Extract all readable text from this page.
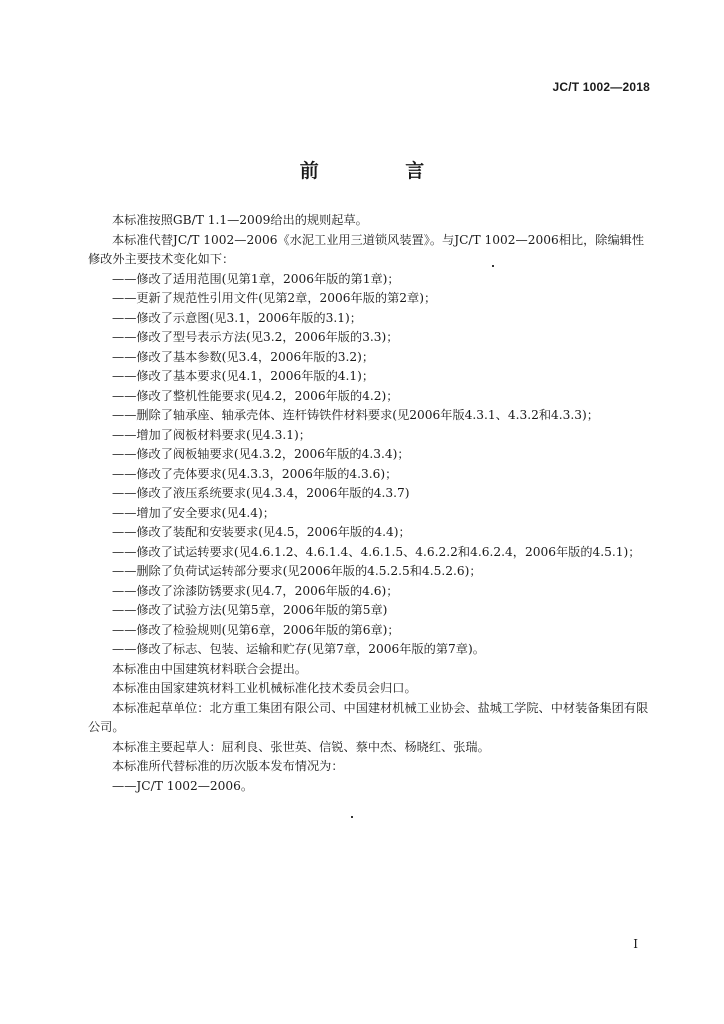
JC/T 1002—2018
前 言
本标准按照GB/T 1.1—2009给出的规则起草。
本标准代替JC/T 1002—2006《水泥工业用三道锁风装置》。与JC/T 1002—2006相比，除编辑性修改外主要技术变化如下：
——修改了适用范围(见第1章，2006年版的第1章)；
——更新了规范性引用文件(见第2章，2006年版的第2章)；
——修改了示意图(见3.1，2006年版的3.1)；
——修改了型号表示方法(见3.2，2006年版的3.3)；
——修改了基本参数(见3.4，2006年版的3.2)；
——修改了基本要求(见4.1，2006年版的4.1)；
——修改了整机性能要求(见4.2，2006年版的4.2)；
——删除了轴承座、轴承壳体、连杆铸铁件材料要求(见2006年版4.3.1、4.3.2和4.3.3)；
——增加了阀板材料要求(见4.3.1)；
——修改了阀板轴要求(见4.3.2，2006年版的4.3.4)；
——修改了壳体要求(见4.3.3，2006年版的4.3.6)；
——修改了液压系统要求(见4.3.4，2006年版的4.3.7)
——增加了安全要求(见4.4)；
——修改了装配和安装要求(见4.5，2006年版的4.4)；
——修改了试运转要求(见4.6.1.2、4.6.1.4、4.6.1.5、4.6.2.2和4.6.2.4，2006年版的4.5.1)；
——删除了负荷试运转部分要求(见2006年版的4.5.2.5和4.5.2.6)；
——修改了涂漆防锈要求(见4.7，2006年版的4.6)；
——修改了试验方法(见第5章，2006年版的第5章)
——修改了检验规则(见第6章，2006年版的第6章)；
——修改了标志、包装、运输和贮存(见第7章，2006年版的第7章)。
本标准由中国建筑材料联合会提出。
本标准由国家建筑材料工业机械标准化技术委员会归口。
本标准起草单位：北方重工集团有限公司、中国建材机械工业协会、盐城工学院、中材装备集团有限公司。
本标准主要起草人：屈利良、张世英、信锐、蔡中杰、杨晓红、张瑞。
本标准所代替标准的历次版本发布情况为：
——JC/T 1002—2006。
I
